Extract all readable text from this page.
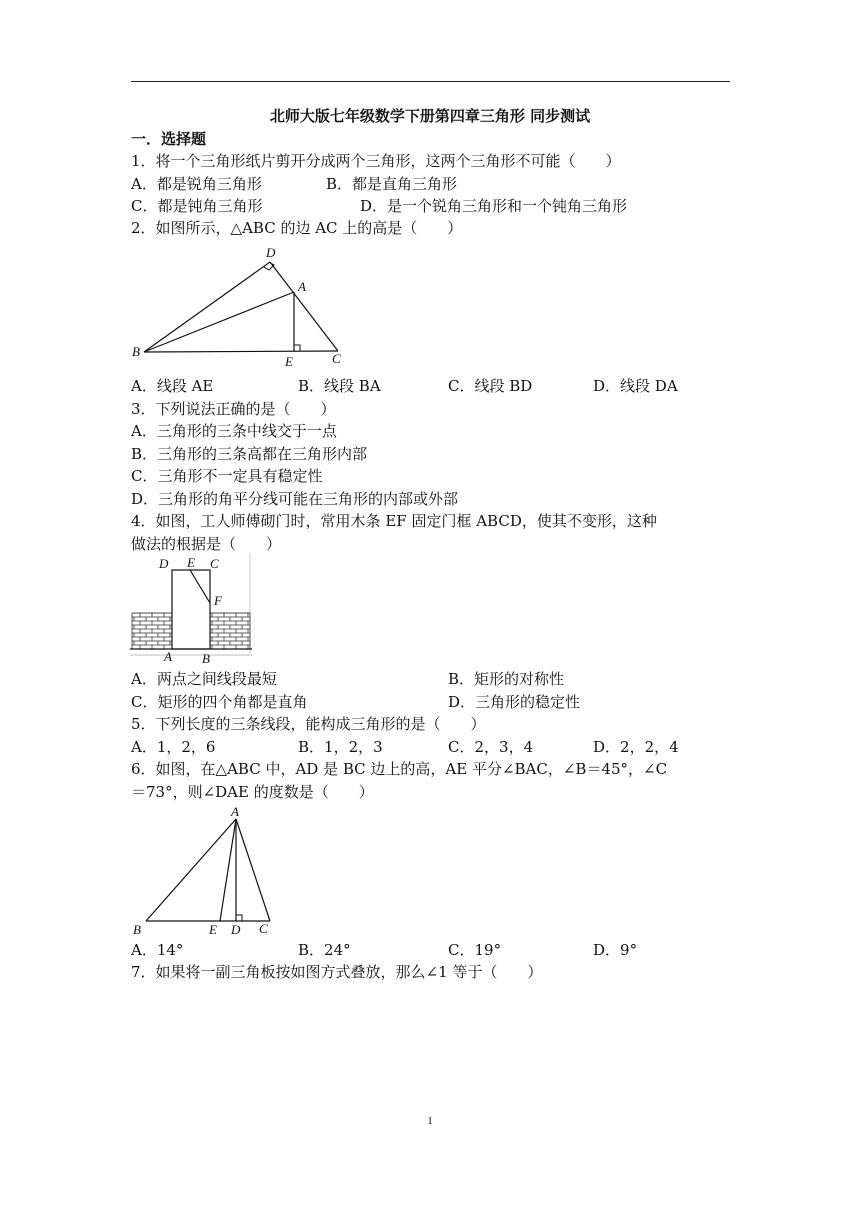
北师大版七年级数学下册第四章三角形 同步测试
一．选择题
1．将一个三角形纸片剪开分成两个三角形，这两个三角形不可能（　　）
A．都是锐角三角形	B．都是直角三角形
C．都是钝角三角形	D．是一个锐角三角形和一个钝角三角形
2．如图所示，△ABC 的边 AC 上的高是（　　）
D
A
B
E	C
A．线段 AE	B．线段 BA	C．线段 BD	D．线段 DA
3．下列说法正确的是（　　）
A．三角形的三条中线交于一点
B．三角形的三条高都在三角形内部
C．三角形不一定具有稳定性
D．三角形的角平分线可能在三角形的内部或外部
4．如图，工人师傅砌门时，常用木条 EF 固定门框 ABCD，使其不变形，这种
做法的根据是（　　）
D E C
F
A B
A．两点之间线段最短	B．矩形的对称性
C．矩形的四个角都是直角	D．三角形的稳定性
5．下列长度的三条线段，能构成三角形的是（　　）
A．1，2，6	B．1，2，3	C．2，3，4	D．2，2，4
6．如图，在△ABC 中，AD 是 BC 边上的高，AE 平分∠BAC，∠B＝45°，∠C
＝73°，则∠DAE 的度数是（　　）
A
B	E D C
A．14°	B．24°	C．19°	D．9°
7．如果将一副三角板按如图方式叠放，那么∠1 等于（　　）
1
